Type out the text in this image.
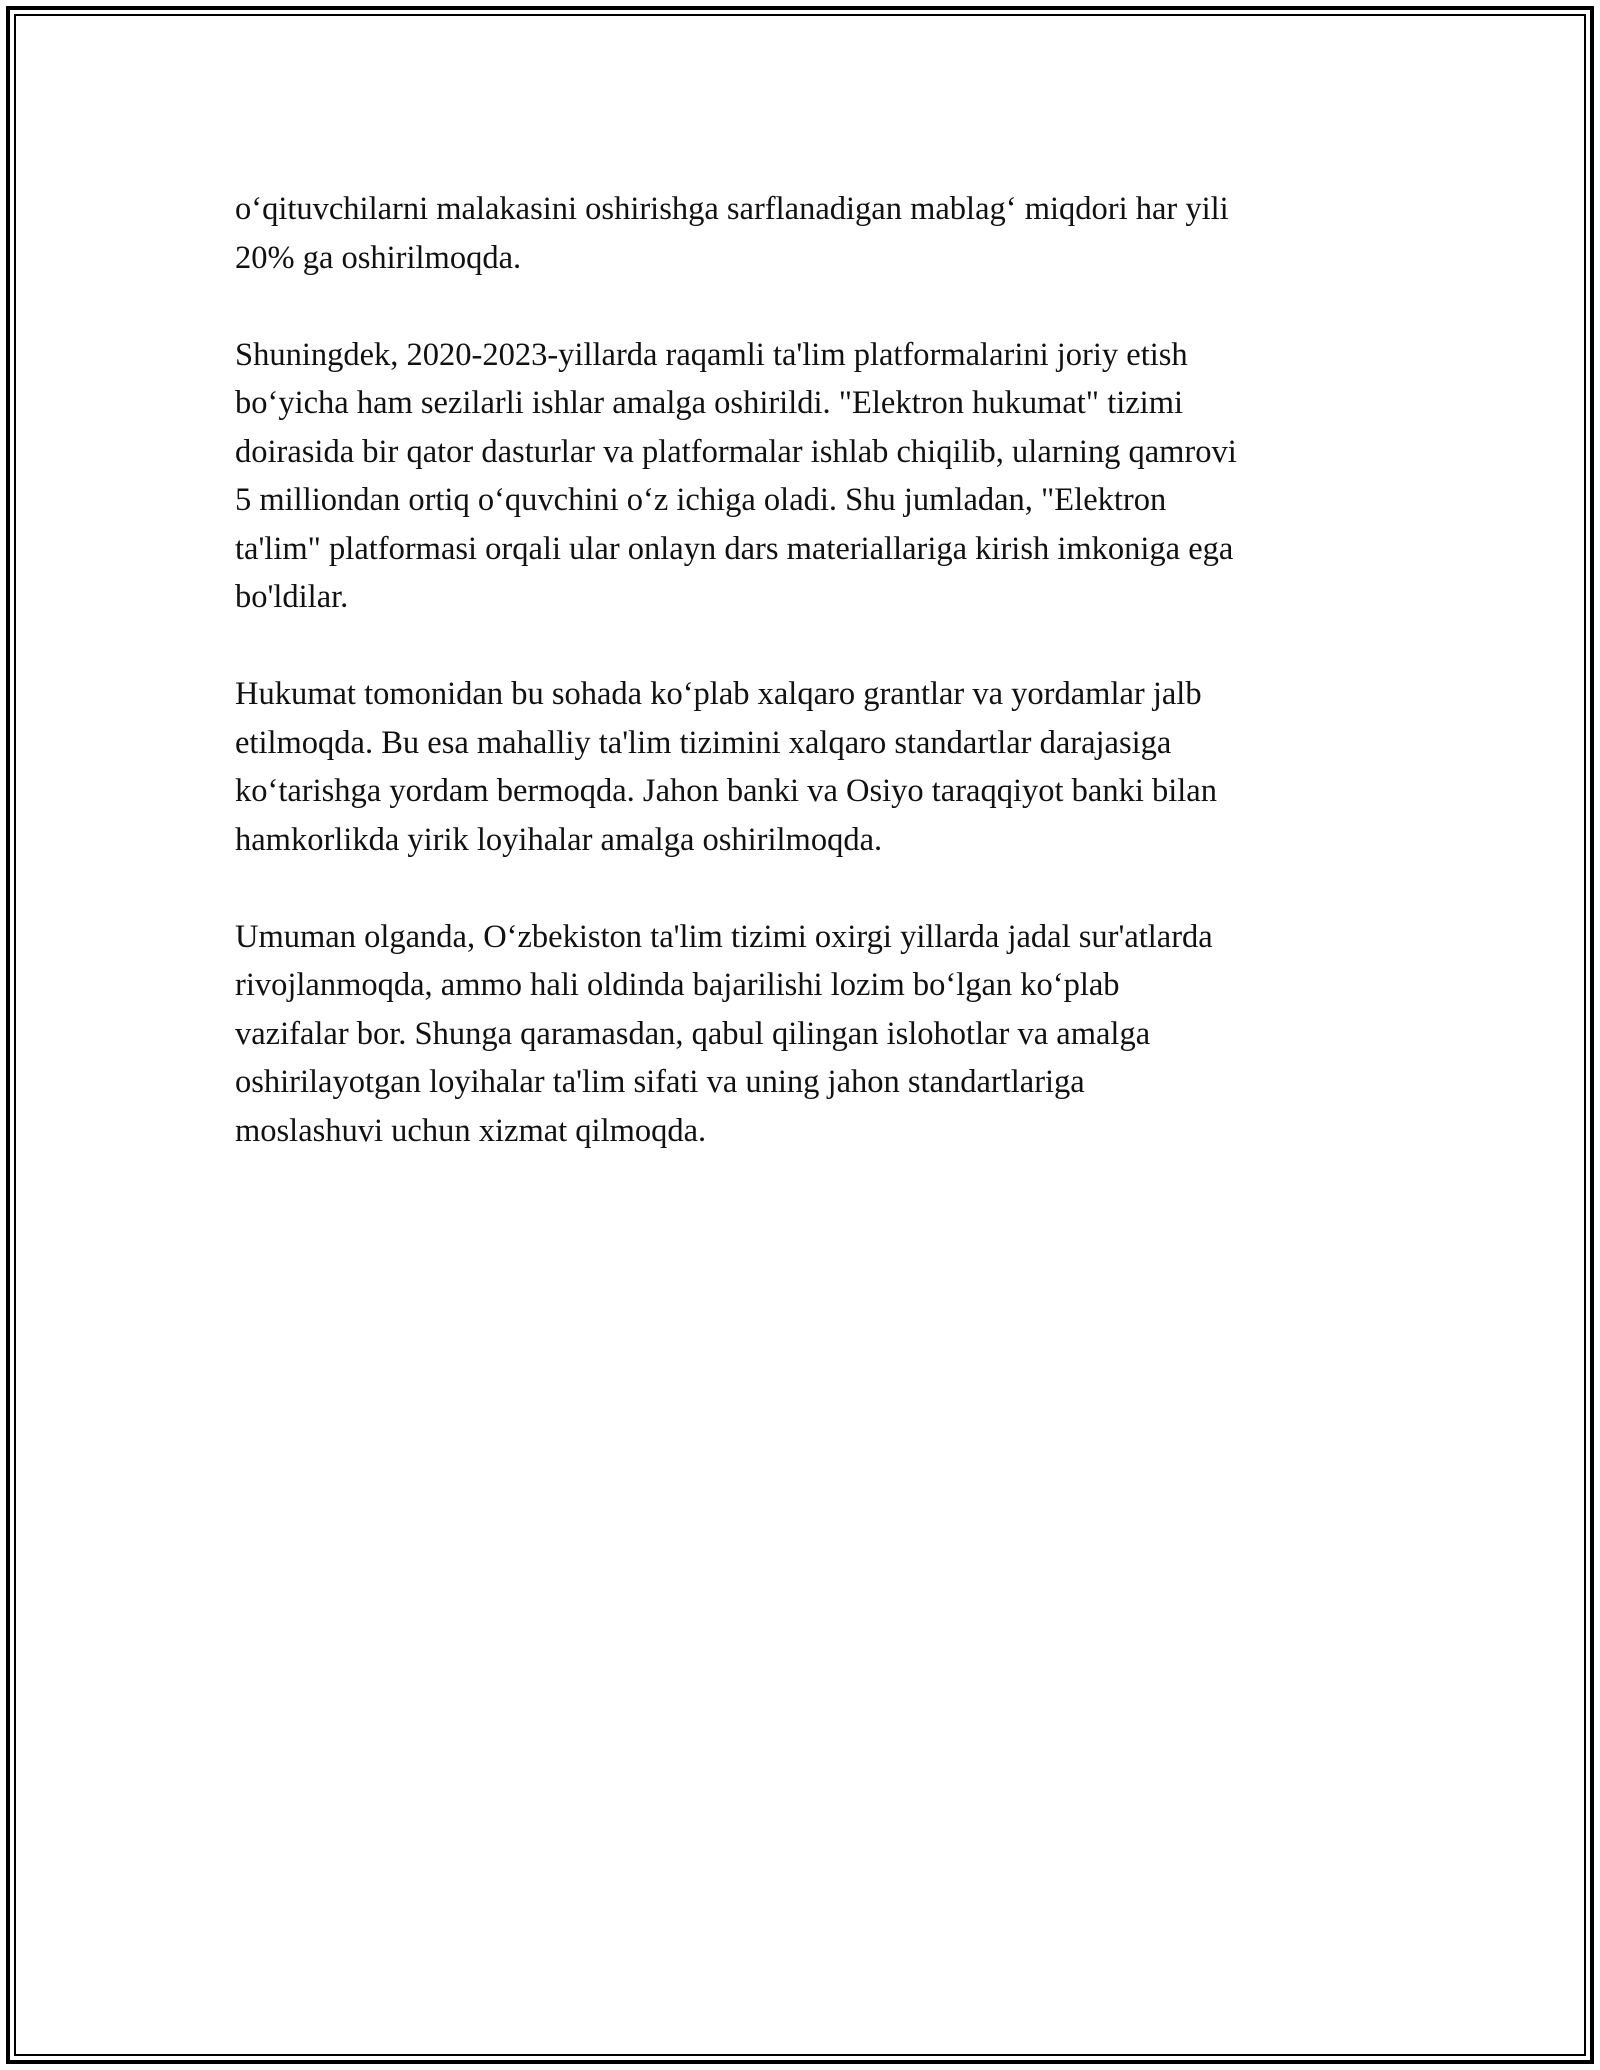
o‘qituvchilarni malakasini oshirishga sarflanadigan mablag‘ miqdori har yili
20% ga oshirilmoqda.

Shuningdek, 2020-2023-yillarda raqamli ta'lim platformalarini joriy etish
bo‘yicha ham sezilarli ishlar amalga oshirildi. "Elektron hukumat" tizimi
doirasida bir qator dasturlar va platformalar ishlab chiqilib, ularning qamrovi
5 milliondan ortiq o‘quvchini o‘z ichiga oladi. Shu jumladan, "Elektron
ta'lim" platformasi orqali ular onlayn dars materiallariga kirish imkoniga ega
bo'ldilar.

Hukumat tomonidan bu sohada ko‘plab xalqaro grantlar va yordamlar jalb
etilmoqda. Bu esa mahalliy ta'lim tizimini xalqaro standartlar darajasiga
ko‘tarishga yordam bermoqda. Jahon banki va Osiyo taraqqiyot banki bilan
hamkorlikda yirik loyihalar amalga oshirilmoqda.

Umuman olganda, O‘zbekiston ta'lim tizimi oxirgi yillarda jadal sur'atlarda
rivojlanmoqda, ammo hali oldinda bajarilishi lozim bo‘lgan ko‘plab
vazifalar bor. Shunga qaramasdan, qabul qilingan islohotlar va amalga
oshirilayotgan loyihalar ta'lim sifati va uning jahon standartlariga
moslashuvi uchun xizmat qilmoqda.
